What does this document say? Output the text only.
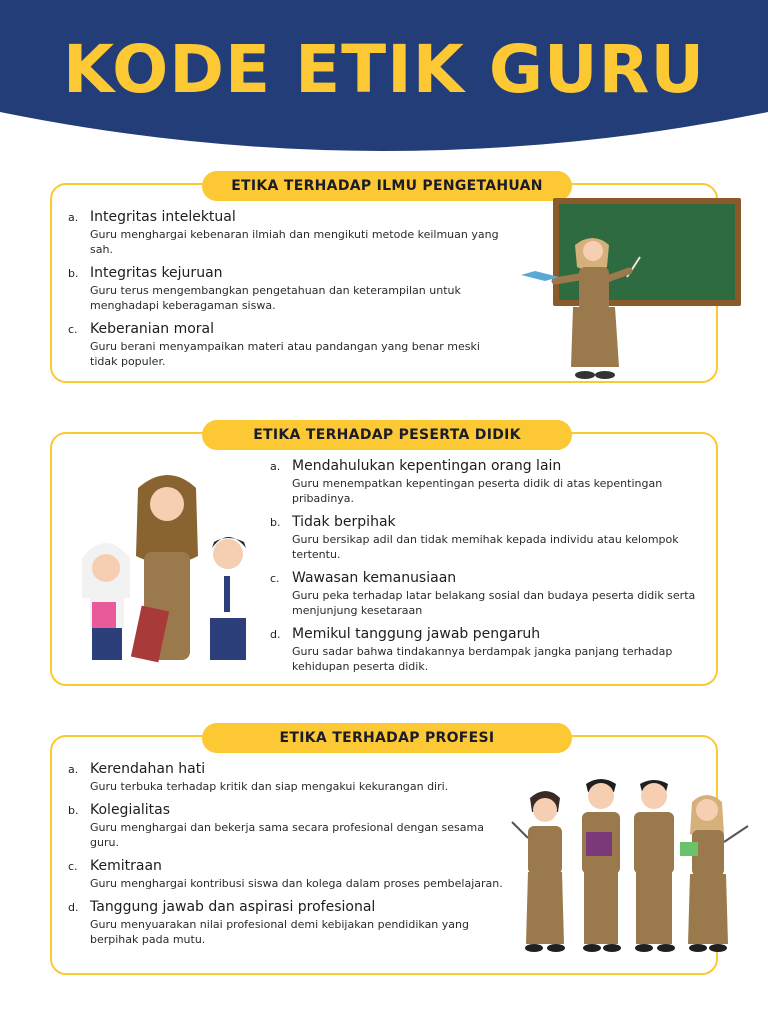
KODE ETIK GURU
ETIKA TERHADAP ILMU PENGETAHUAN
a. Integritas intelektual
Guru menghargai kebenaran ilmiah dan mengikuti metode keilmuan yang sah.
b. Integritas kejuruan
Guru terus mengembangkan pengetahuan dan keterampilan untuk menghadapi keberagaman siswa.
c. Keberanian moral
Guru berani menyampaikan materi atau pandangan yang benar meski tidak populer.
ETIKA TERHADAP PESERTA DIDIK
a. Mendahulukan kepentingan orang lain
Guru menempatkan kepentingan peserta didik di atas kepentingan pribadinya.
b. Tidak berpihak
Guru bersikap adil dan tidak memihak kepada individu atau kelompok tertentu.
c. Wawasan kemanusiaan
Guru peka terhadap latar belakang sosial dan budaya peserta didik serta menjunjung kesetaraan
d. Memikul tanggung jawab pengaruh
Guru sadar bahwa tindakannya berdampak jangka panjang terhadap kehidupan peserta didik.
ETIKA TERHADAP PROFESI
a. Kerendahan hati
Guru terbuka terhadap kritik dan siap mengakui kekurangan diri.
b. Kolegialitas
Guru menghargai dan bekerja sama secara profesional dengan sesama guru.
c. Kemitraan
Guru menghargai kontribusi siswa dan kolega dalam proses pembelajaran.
d. Tanggung jawab dan aspirasi profesional
Guru menyuarakan nilai profesional demi kebijakan pendidikan yang berpihak pada mutu.
